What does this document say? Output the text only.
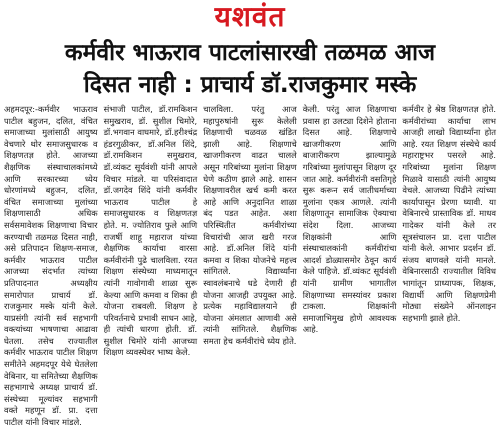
यशवंत
कर्मवीर भाऊराव पाटलांसारखी तळमळ आज
दिसत नाही : प्राचार्य डॉ.राजकुमार मस्के

अहमदपूर:-कर्मवीर भाऊराव पाटील बहुजन, दलित, वंचित समाजाच्या मुलांसाठी आयुष्य वेचणारे थोर समाजसुधारक व शिक्षणतज्ञ होते. आजच्या शैक्षणिक संस्थाचालकांमध्ये आणि सरकारच्या ध्येय धोरणांमध्ये बहुजन, दलित, वंचित समाजाच्या मुलांच्या शिक्षणासाठी अधिक सर्वसमावेशक शिक्षणाचा विचार करण्याची तळमळ दिसत नाही, असे प्रतिपादन शिक्षण-समाज, कर्मवीर भाऊराव पाटील आजच्या संदर्भात त्यांच्या प्रतिपादनात अध्यक्षीय समारोपात प्राचार्य डॉ. राजकुमार मस्के यांनी केले. याप्रसंगी त्यांनी सर्व सहभागी वक्त्यांच्या भाषणाचा आढावा घेतला. तसेच राज्यातील कर्मवीर भाऊराव पाटील शिक्षण समीतेने अहमदपूर येथे घेतलेला वेबिनार, या समितेच्या शैक्षणिक सहभागाचे अध्यक्ष प्राचार्य डॉ. संस्थेच्या मूल्यांवर सहभागी वक्ते महणून डॉ. प्रा. दत्ता पाटील यांनी विचार मांडले.

संभाजी पाटील, डॉ.रामकिशन समुखराव, डॉ. सुशील चिमोरे, डॉ.भगवान वाघमारे, डॉ.हरीश्चंद्र हंडरगुळीकर, डॉ.अनिल शिंदे, डॉ.रामकिशन समुखराव, डॉ.व्यंकट सूर्यवंशी यांनी आपले विचार मांडले. या परिसंवादात डॉ.जगदेव शिंदे यांनी कर्मवीर भाऊराव पाटील हे समाजसुधारक व शिक्षणतज्ञ होते. म. ज्योतिराव फुले आणि राजर्षी शाहू महाराज यांच्या शैक्षणिक कार्याचा वारसा कर्मवीरांनी पुढे चालविला. रयत शिक्षण संस्थेच्या माध्यमातून त्यांनी गावोगावी शाळा सुरू केल्या आणि कमवा व शिका ही योजना राबवली. शिक्षण हे परिवर्तनाचे प्रभावी साधन आहे, ही त्यांची धारणा होती. डॉ. सुशील चिमोरे यांनी आजच्या शिक्षण व्यवस्थेवर भाष्य केले.

चालविला. परंतु आज महापुरुषांनी सुरू केलेली शिक्षणाची चळवळ खंडित झाली आहे. शिक्षणाचे खाजगीकरण वाढत चालले असून गरिबांच्या मुलांना शिक्षण घेणे कठीण झाले आहे. शासन शिक्षणावरील खर्च कमी करत आहे आणि अनुदानित शाळा बंद पडत आहेत. अशा परिस्थितीत कर्मवीरांच्या विचारांची आज खरी गरज आहे. डॉ.अनिल शिंदे यांनी कमवा व शिका योजनेचे महत्त्व सांगितले. विद्यार्थ्यांना स्वावलंबनाचे धडे देणारी ही योजना आजही उपयुक्त आहे. प्रत्येक महाविद्यालयाने ही योजना अंमलात आणावी असे त्यांनी सांगितले. शैक्षणिक समता हेच कर्मवीरांचे ध्येय होते.

केली. परंतु आज शिक्षणाचा प्रवास हा उलट्या दिशेने होताना दिसत आहे. शिक्षणाचे खाजगीकरण आणि बाजारीकरण झाल्यामुळे गरिबांच्या मुलांपासून शिक्षण दूर जात आहे. कर्मवीरांनी वसतिगृहे सुरू करून सर्व जातीधर्माच्या मुलांना एकत्र आणले. त्यांनी शिक्षणातून सामाजिक ऐक्याचा संदेश दिला. आजच्या शिक्षकांनी आणि संस्थाचालकांनी कर्मवीरांचा आदर्श डोळ्यासमोर ठेवून कार्य केले पाहिजे. डॉ.व्यंकट सूर्यवंशी यांनी ग्रामीण भागातील शिक्षणाच्या समस्यांवर प्रकाश टाकला. शिक्षकांनी समाजाभिमुख होणे आवश्यक आहे.

कर्मवीर हे श्रेष्ठ शिक्षणतज्ञ होते. कर्मवीरांच्या कार्याचा लाभ आजही लाखो विद्यार्थ्यांना होत आहे. रयत शिक्षण संस्थेचे कार्य महाराष्ट्रभर पसरले आहे. गरिबांच्या मुलांना शिक्षण मिळावे यासाठी त्यांनी आयुष्य वेचले. आजच्या पिढीने त्यांच्या कार्यापासून प्रेरणा घ्यावी. या वेबिनारचे प्रास्ताविक डॉ. माधव गादेकर यांनी केले तर सूत्रसंचालन प्रा. दत्ता पाटील यांनी केले. आभार प्रदर्शन डॉ. संजय बाणवले यांनी मानले. वेबिनारसाठी राज्यातील विविध भागांतून प्राध्यापक, शिक्षक, विद्यार्थी आणि शिक्षणप्रेमी मोठ्या संख्येने ऑनलाइन सहभागी झाले होते.
